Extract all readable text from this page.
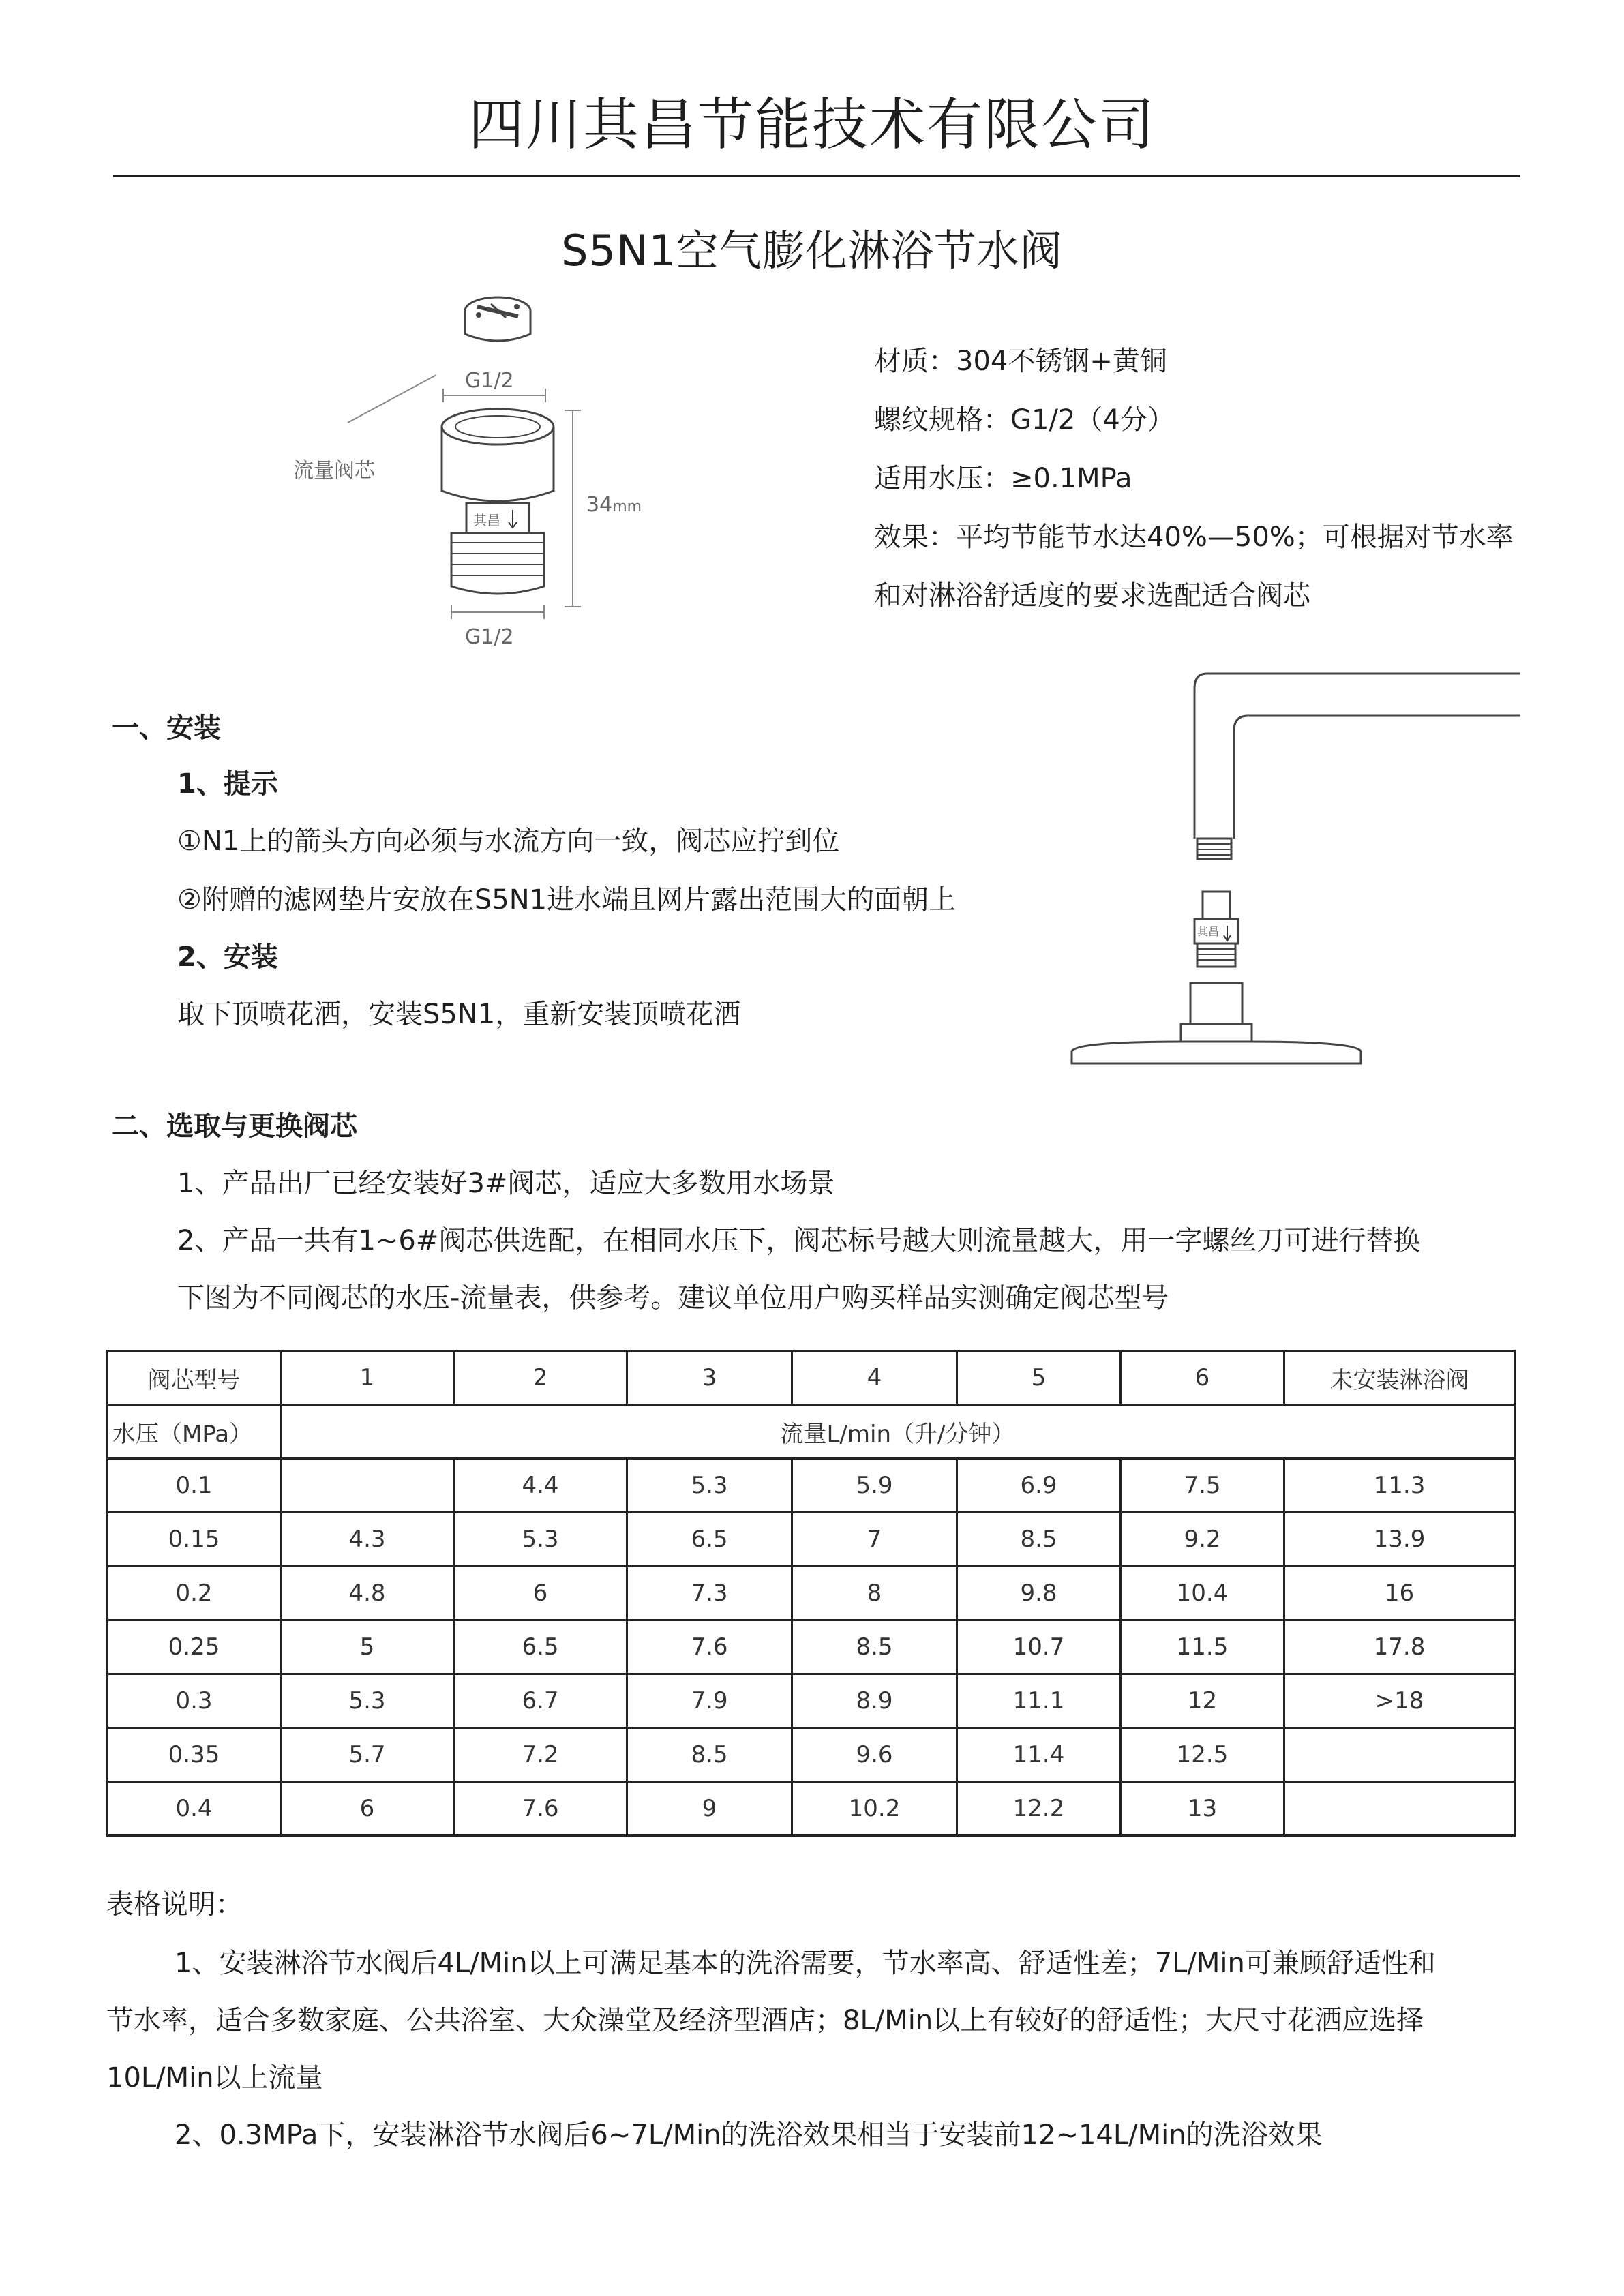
四川其昌节能技术有限公司
S5N1空气膨化淋浴节水阀
G1/2
流量阀芯
其昌
34mm
G1/2
材质：304不锈钢+黄铜
螺纹规格：G1/2（4分）
适用水压：≥0.1MPa
效果：平均节能节水达40%—50%；可根据对节水率
和对淋浴舒适度的要求选配适合阀芯
一、安装
1、提示
①N1上的箭头方向必须与水流方向一致，阀芯应拧到位
②附赠的滤网垫片安放在S5N1进水端且网片露出范围大的面朝上
2、安装
取下顶喷花洒，安装S5N1，重新安装顶喷花洒
其昌
二、选取与更换阀芯
1、产品出厂已经安装好3#阀芯，适应大多数用水场景
2、产品一共有1~6#阀芯供选配，在相同水压下，阀芯标号越大则流量越大，用一字螺丝刀可进行替换
下图为不同阀芯的水压-流量表，供参考。建议单位用户购买样品实测确定阀芯型号
阀芯型号	1	2	3	4	5	6	未安装淋浴阀
水压（MPa）	流量L/min（升/分钟）						
0.1		4.4	5.3	5.9	6.9	7.5	11.3
0.15	4.3	5.3	6.5	7	8.5	9.2	13.9
0.2	4.8	6	7.3	8	9.8	10.4	16
0.25	5	6.5	7.6	8.5	10.7	11.5	17.8
0.3	5.3	6.7	7.9	8.9	11.1	12	>18
0.35	5.7	7.2	8.5	9.6	11.4	12.5	
0.4	6	7.6	9	10.2	12.2	13	
表格说明：
1、安装淋浴节水阀后4L/Min以上可满足基本的洗浴需要，节水率高、舒适性差；7L/Min可兼顾舒适性和
节水率，适合多数家庭、公共浴室、大众澡堂及经济型酒店；8L/Min以上有较好的舒适性；大尺寸花洒应选择
10L/Min以上流量
2、0.3MPa下，安装淋浴节水阀后6~7L/Min的洗浴效果相当于安装前12~14L/Min的洗浴效果
